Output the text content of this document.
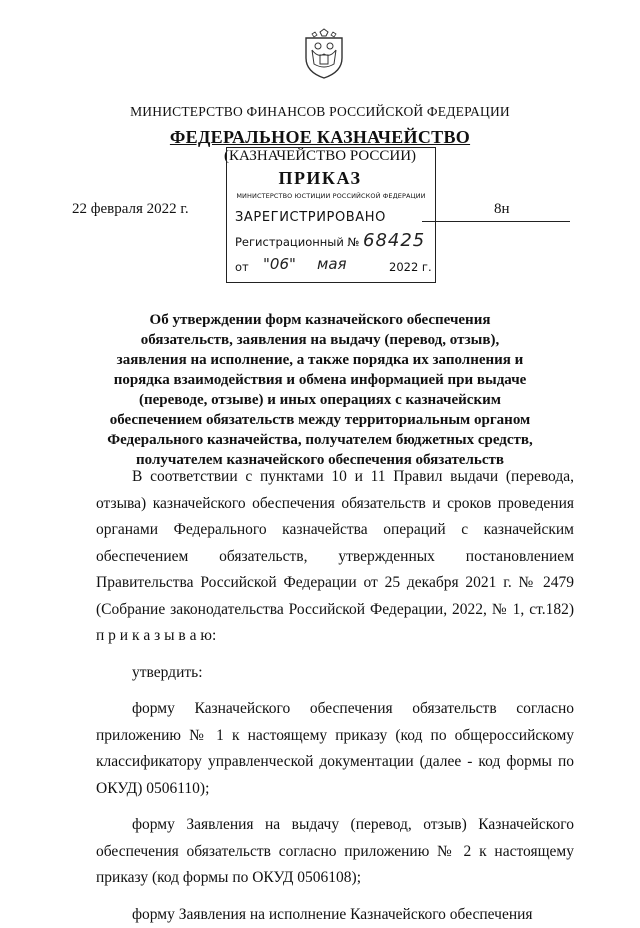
МИНИСТЕРСТВО ФИНАНСОВ РОССИЙСКОЙ ФЕДЕРАЦИИ
ФЕДЕРАЛЬНОЕ КАЗНАЧЕЙСТВО
(КАЗНАЧЕЙСТВО РОССИИ)
ПРИКАЗ
22 февраля 2022 г.	8н
МИНИСТЕРСТВО ЮСТИЦИИ РОССИЙСКОЙ ФЕДЕРАЦИИ
ЗАРЕГИСТРИРОВАНО
Регистрационный № 68425
от "06" мая	2022 г.
Об утверждении форм казначейского обеспечения обязательств, заявления на выдачу (перевод, отзыв), заявления на исполнение, а также порядка их заполнения и порядка взаимодействия и обмена информацией при выдаче (переводе, отзыве) и иных операциях с казначейским обеспечением обязательств между территориальным органом Федерального казначейства, получателем бюджетных средств, получателем казначейского обеспечения обязательств

В соответствии с пунктами 10 и 11 Правил выдачи (перевода, отзыва) казначейского обеспечения обязательств и сроков проведения органами Федерального казначейства операций с казначейским обеспечением обязательств, утвержденных постановлением Правительства Российской Федерации от 25 декабря 2021 г. № 2479 (Собрание законодательства Российской Федерации, 2022, № 1, ст.182) п р и к а з ы в а ю:

утвердить:

форму Казначейского обеспечения обязательств согласно приложению № 1 к настоящему приказу (код по общероссийскому классификатору управленческой документации (далее - код формы по ОКУД) 0506110);

форму Заявления на выдачу (перевод, отзыв) Казначейского обеспечения обязательств согласно приложению № 2 к настоящему приказу (код формы по ОКУД 0506108);

форму Заявления на исполнение Казначейского обеспечения
